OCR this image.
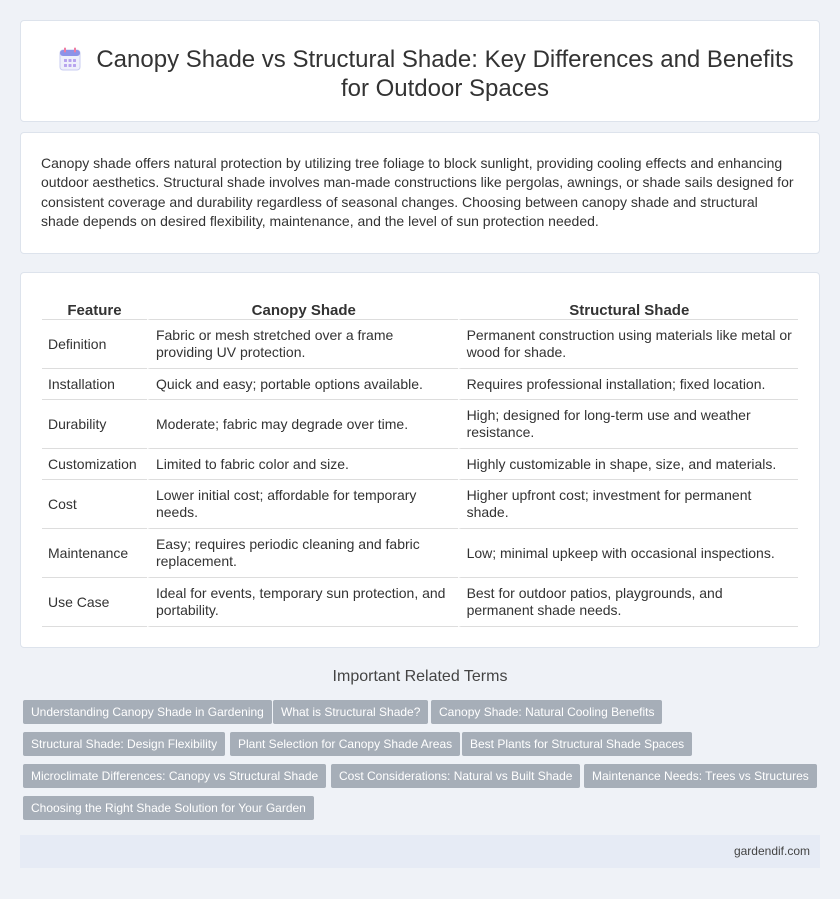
Canopy Shade vs Structural Shade: Key Differences and Benefits for Outdoor Spaces

Canopy shade offers natural protection by utilizing tree foliage to block sunlight, providing cooling effects and enhancing outdoor aesthetics. Structural shade involves man-made constructions like pergolas, awnings, or shade sails designed for consistent coverage and durability regardless of seasonal changes. Choosing between canopy shade and structural shade depends on desired flexibility, maintenance, and the level of sun protection needed.

Feature	Canopy Shade	Structural Shade
Definition	Fabric or mesh stretched over a frame providing UV protection.	Permanent construction using materials like metal or wood for shade.
Installation	Quick and easy; portable options available.	Requires professional installation; fixed location.
Durability	Moderate; fabric may degrade over time.	High; designed for long-term use and weather resistance.
Customization	Limited to fabric color and size.	Highly customizable in shape, size, and materials.
Cost	Lower initial cost; affordable for temporary needs.	Higher upfront cost; investment for permanent shade.
Maintenance	Easy; requires periodic cleaning and fabric replacement.	Low; minimal upkeep with occasional inspections.
Use Case	Ideal for events, temporary sun protection, and portability.	Best for outdoor patios, playgrounds, and permanent shade needs.
Important Related Terms
Understanding Canopy Shade in Gardening	What is Structural Shade?	Canopy Shade: Natural Cooling Benefits
Structural Shade: Design Flexibility	Plant Selection for Canopy Shade Areas	Best Plants for Structural Shade Spaces
Microclimate Differences: Canopy vs Structural Shade	Cost Considerations: Natural vs Built Shade	Maintenance Needs: Trees vs Structures
Choosing the Right Shade Solution for Your Garden
gardendif.com
